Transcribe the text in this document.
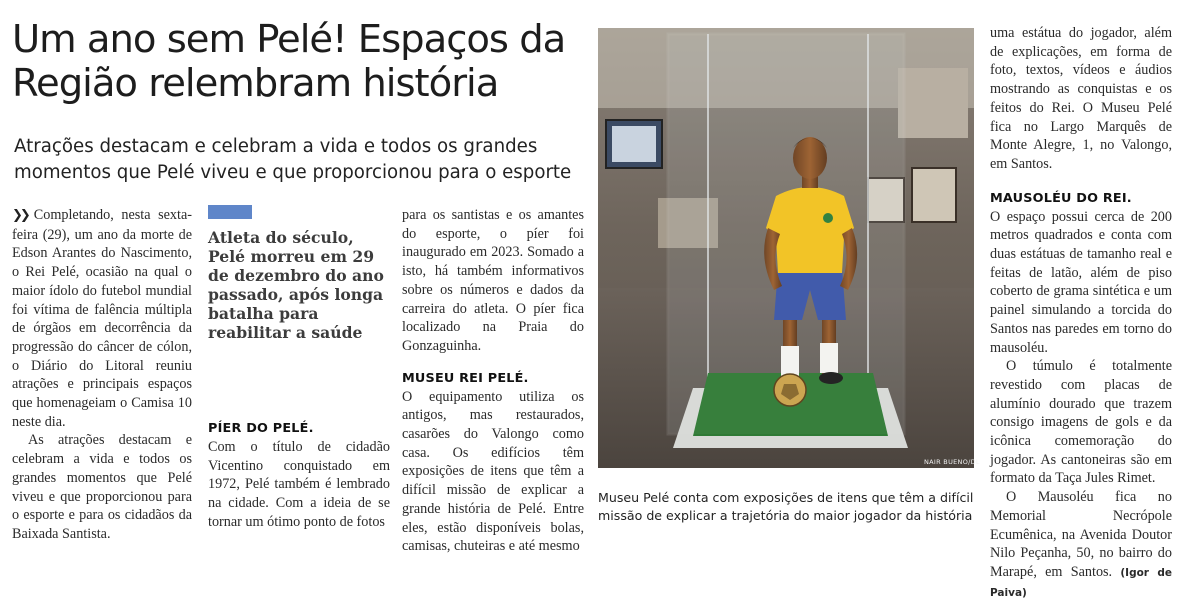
Um ano sem Pelé! Espaços da Região relembram história
Atrações destacam e celebram a vida e todos os grandes momentos que Pelé viveu e que proporcionou para o esporte

❯❯ Completando, nesta sexta-feira (29), um ano da morte de Edson Arantes do Nascimento, o Rei Pelé, ocasião na qual o maior ídolo do futebol mundial foi vítima de falência múltipla de órgãos em decorrência da progressão do câncer de cólon, o Diário do Litoral reuniu atrações e principais espaços que homenageiam o Camisa 10 neste dia.

As atrações destacam e celebram a vida e todos os grandes momentos que Pelé viveu e que proporcionou para o esporte e para os cidadãos da Baixada Santista.

Atleta do século, Pelé morreu em 29 de dezembro do ano passado, após longa batalha para reabilitar a saúde
PÍER DO PELÉ.

Com o título de cidadão Vicentino conquistado em 1972, Pelé também é lembrado na cidade. Com a ideia de se tornar um ótimo ponto de fotos

para os santistas e os amantes do esporte, o píer foi inaugurado em 2023. Somado a isto, há também informativos sobre os números e dados da carreira do atleta. O píer fica localizado na Praia do Gonzaguinha.

MUSEU REI PELÉ.

O equipamento utiliza os antigos, mas restaurados, casarões do Valongo como casa. Os edifícios têm exposições de itens que têm a difícil missão de explicar a grande história de Pelé. Entre eles, estão disponíveis bolas, camisas, chuteiras e até mesmo

NAIR BUENO/DL
Museu Pelé conta com exposições de itens que têm a difícil missão de explicar a trajetória do maior jogador da história

uma estátua do jogador, além de explicações, em forma de foto, textos, vídeos e áudios mostrando as conquistas e os feitos do Rei. O Museu Pelé fica no Largo Marquês de Monte Alegre, 1, no Valongo, em Santos.

MAUSOLÉU DO REI.

O espaço possui cerca de 200 metros quadrados e conta com duas estátuas de tamanho real e feitas de latão, além de piso coberto de grama sintética e um painel simulando a torcida do Santos nas paredes em torno do mausoléu.

O túmulo é totalmente revestido com placas de alumínio dourado que trazem consigo imagens de gols e da icônica comemoração do jogador. As cantoneiras são em formato da Taça Jules Rimet.

O Mausoléu fica no Memorial Necrópole Ecumênica, na Avenida Doutor Nilo Peçanha, 50, no bairro do Marapé, em Santos. (Igor de Paiva)
